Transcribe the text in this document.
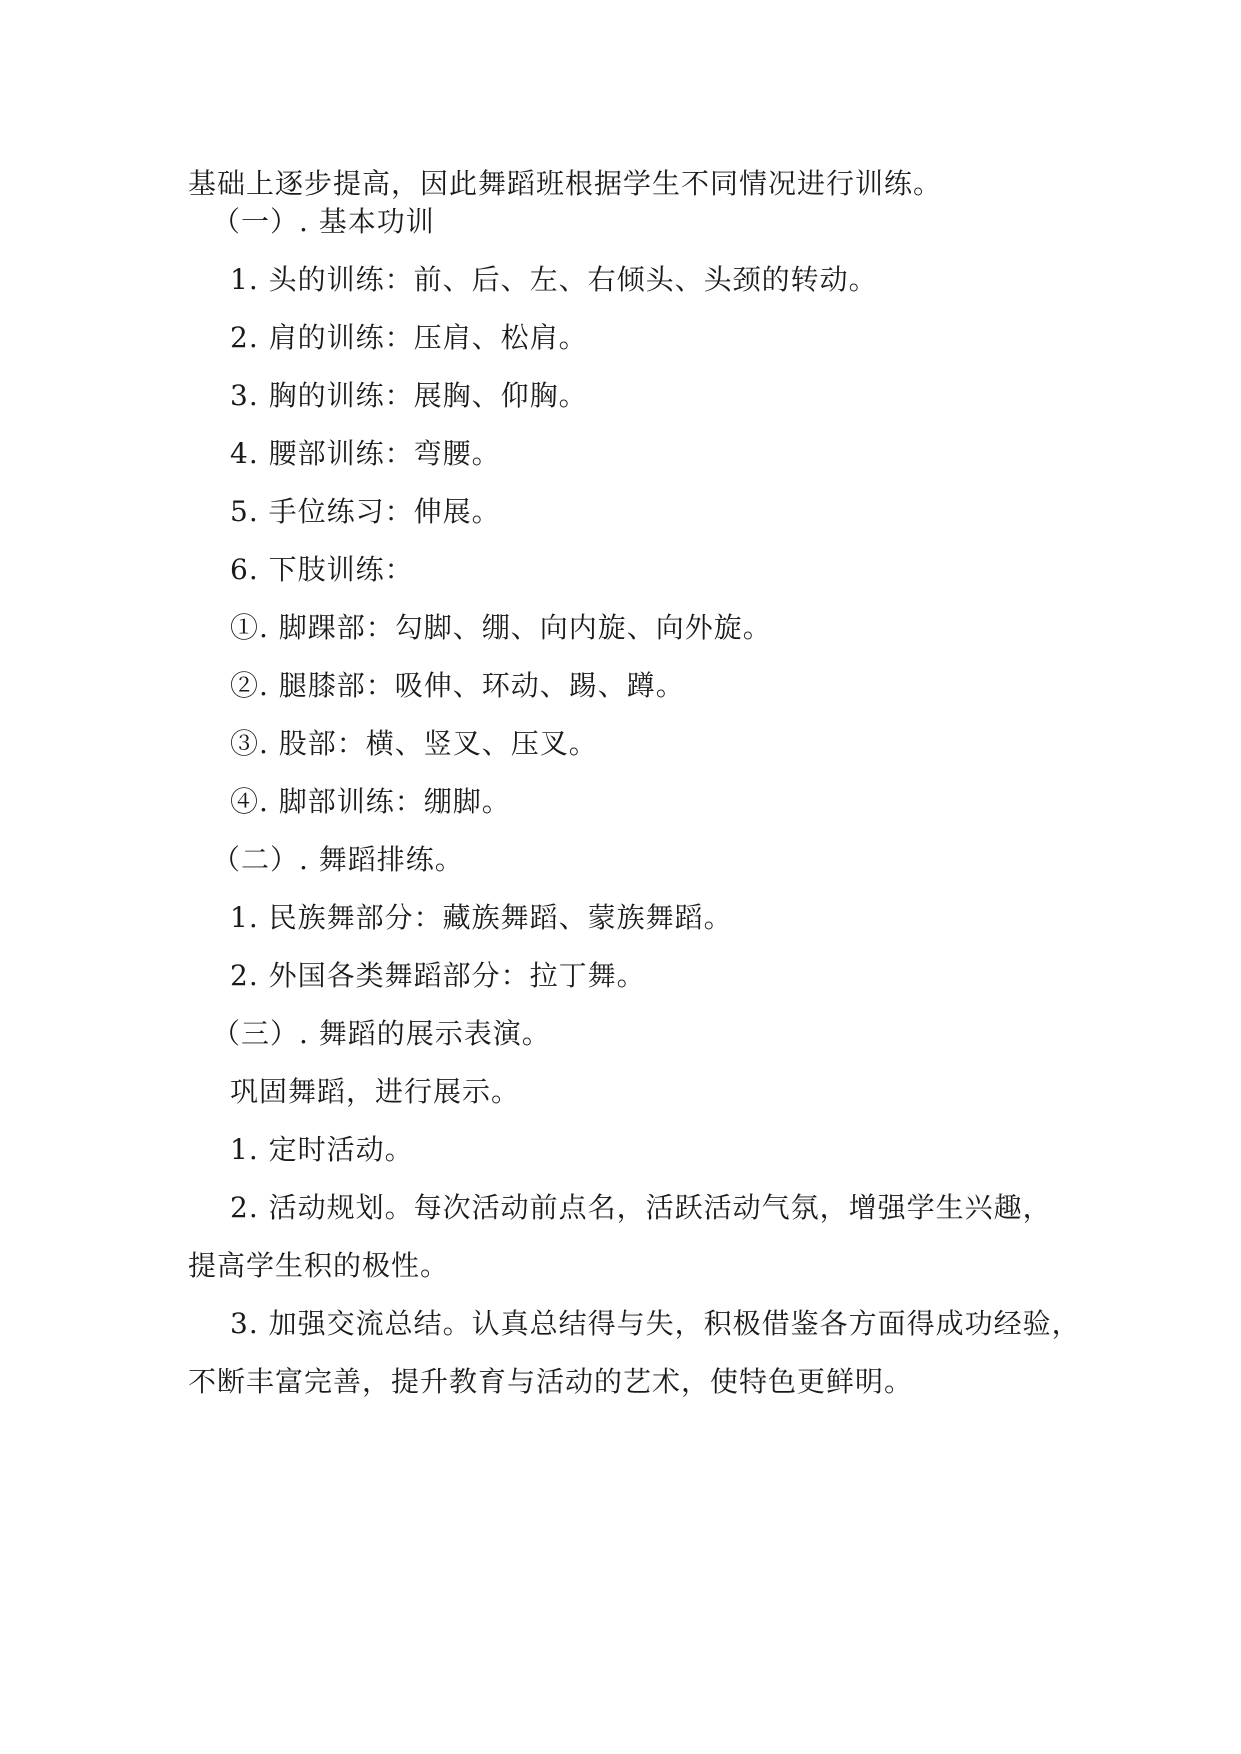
基础上逐步提高，因此舞蹈班根据学生不同情况进行训练。
（一）. 基本功训
1. 头的训练：前、后、左、右倾头、头颈的转动。
2. 肩的训练：压肩、松肩。
3. 胸的训练：展胸、仰胸。
4. 腰部训练：弯腰。
5. 手位练习：伸展。
6. 下肢训练：
①. 脚踝部：勾脚、绷、向内旋、向外旋。
②. 腿膝部：吸伸、环动、踢、蹲。
③. 股部：横、竖叉、压叉。
④. 脚部训练：绷脚。
（二）. 舞蹈排练。
1. 民族舞部分：藏族舞蹈、蒙族舞蹈。
2. 外国各类舞蹈部分：拉丁舞。
（三）. 舞蹈的展示表演。
巩固舞蹈，进行展示。
1. 定时活动。
2. 活动规划。每次活动前点名，活跃活动气氛，增强学生兴趣，
提高学生积的极性。
3. 加强交流总结。认真总结得与失，积极借鉴各方面得成功经验，
不断丰富完善，提升教育与活动的艺术，使特色更鲜明。
